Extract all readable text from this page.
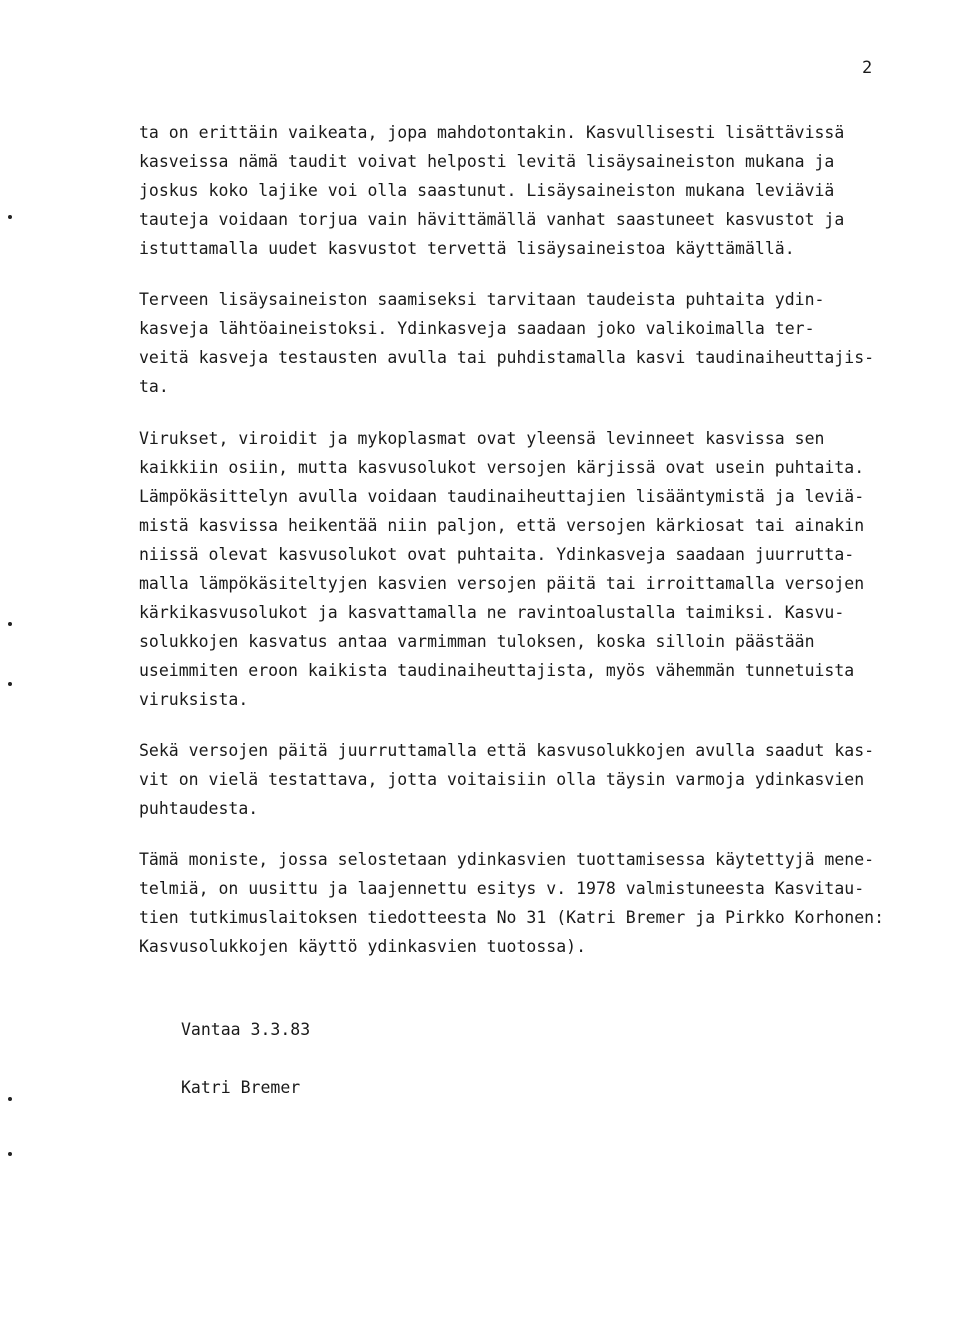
2
ta on erittäin vaikeata, jopa mahdotontakin. Kasvullisesti lisättävissä
kasveissa nämä taudit voivat helposti levitä lisäysaineiston mukana ja
joskus koko lajike voi olla saastunut. Lisäysaineiston mukana leviäviä
tauteja voidaan torjua vain hävittämällä vanhat saastuneet kasvustot ja
istuttamalla uudet kasvustot tervettä lisäysaineistoa käyttämällä.
Terveen lisäysaineiston saamiseksi tarvitaan taudeista puhtaita ydin-
kasveja lähtöaineistoksi. Ydinkasveja saadaan joko valikoimalla ter-
veitä kasveja testausten avulla tai puhdistamalla kasvi taudinaiheuttajis-
ta.
Virukset, viroidit ja mykoplasmat ovat yleensä levinneet kasvissa sen
kaikkiin osiin, mutta kasvusolukot versojen kärjissä ovat usein puhtaita.
Lämpökäsittelyn avulla voidaan taudinaiheuttajien lisääntymistä ja leviä-
mistä kasvissa heikentää niin paljon, että versojen kärkiosat tai ainakin
niissä olevat kasvusolukot ovat puhtaita. Ydinkasveja saadaan juurrutta-
malla lämpökäsiteltyjen kasvien versojen päitä tai irroittamalla versojen
kärkikasvusolukot ja kasvattamalla ne ravintoalustalla taimiksi. Kasvu-
solukkojen kasvatus antaa varmimman tuloksen, koska silloin päästään
useimmiten eroon kaikista taudinaiheuttajista, myös vähemmän tunnetuista
viruksista.
Sekä versojen päitä juurruttamalla että kasvusolukkojen avulla saadut kas-
vit on vielä testattava, jotta voitaisiin olla täysin varmoja ydinkasvien
puhtaudesta.
Tämä moniste, jossa selostetaan ydinkasvien tuottamisessa käytettyjä mene-
telmiä, on uusittu ja laajennettu esitys v. 1978 valmistuneesta Kasvitau-
tien tutkimuslaitoksen tiedotteesta No 31 (Katri Bremer ja Pirkko Korhonen:
Kasvusolukkojen käyttö ydinkasvien tuotossa).
Vantaa 3.3.83
Katri Bremer
